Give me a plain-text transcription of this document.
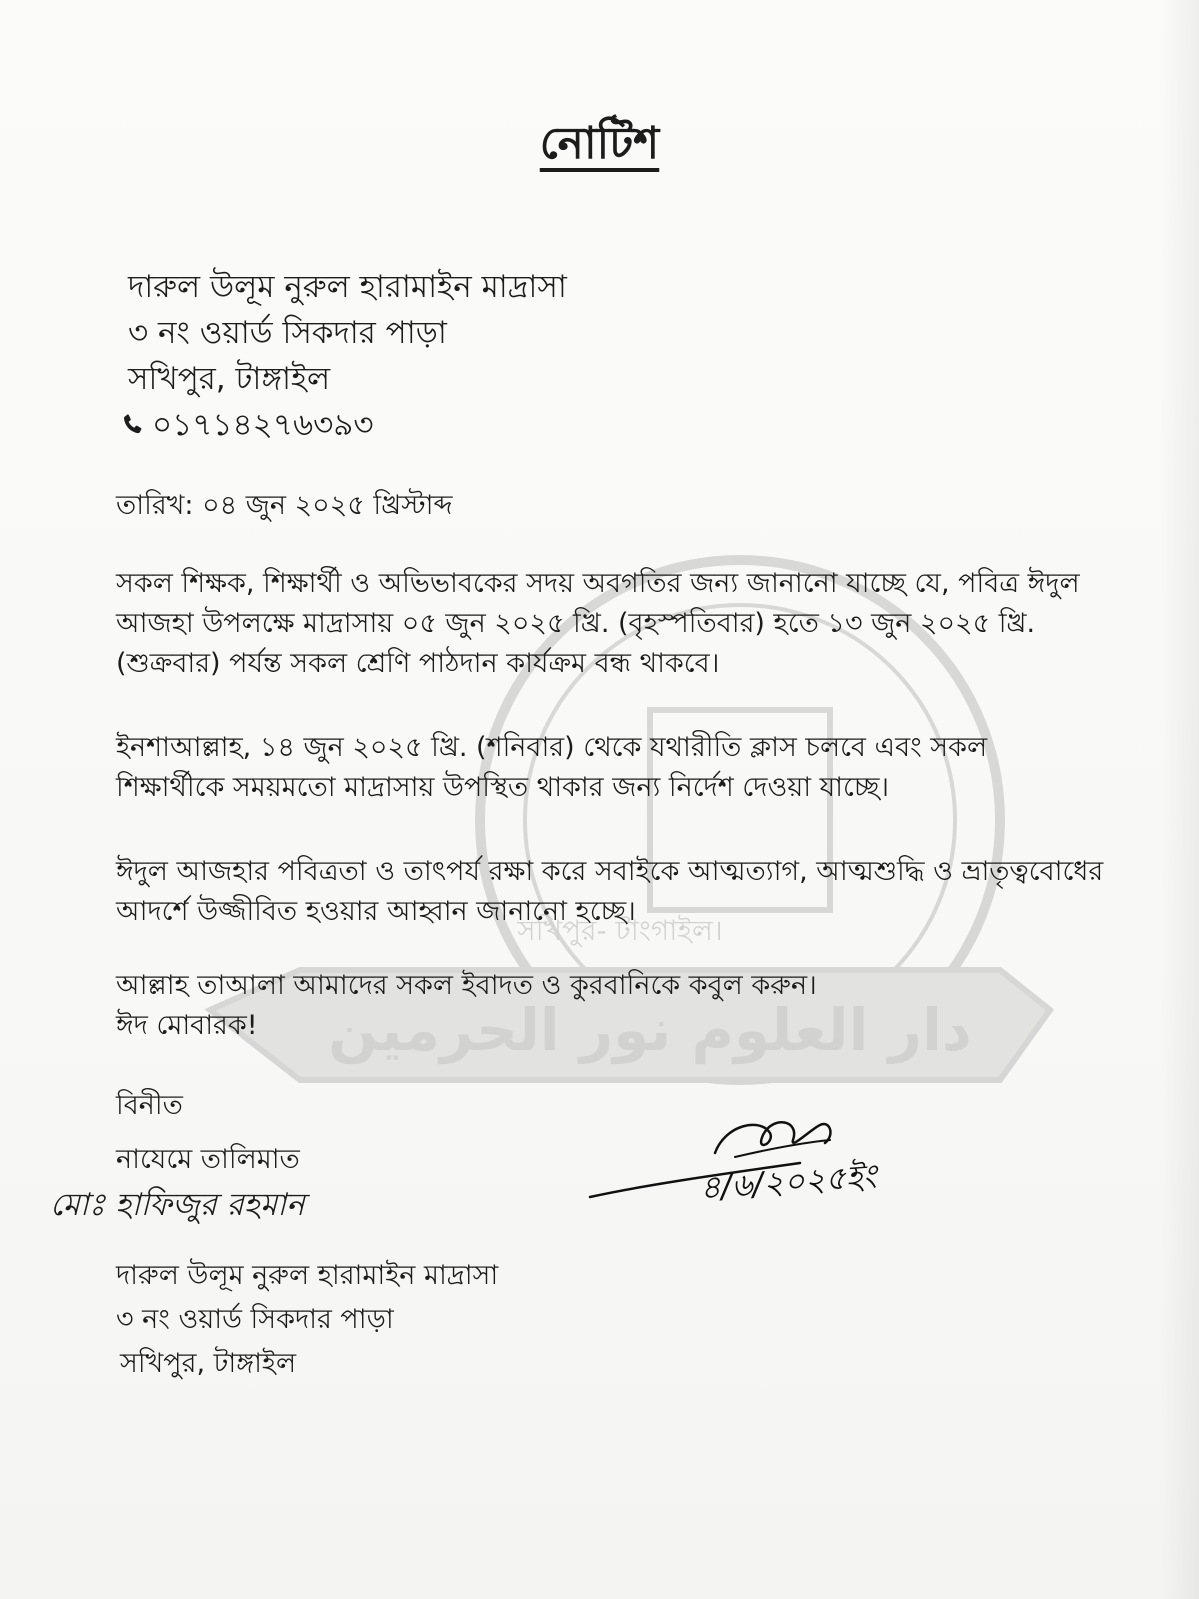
নোটিশ
দারুল উলূম নুরুল হারামাইন মাদ্রাসা
৩ নং ওয়ার্ড সিকদার পাড়া
সখিপুর, টাঙ্গাইল
০১৭১৪২৭৬৩৯৩
তারিখ: ০৪ জুন ২০২৫ খ্রিস্টাব্দ
সকল শিক্ষক, শিক্ষার্থী ও অভিভাবকের সদয় অবগতির জন্য জানানো যাচ্ছে যে, পবিত্র ঈদুল
আজহা উপলক্ষে মাদ্রাসায় ০৫ জুন ২০২৫ খ্রি. (বৃহস্পতিবার) হতে ১৩ জুন ২০২৫ খ্রি.
(শুক্রবার) পর্যন্ত সকল শ্রেণি পাঠদান কার্যক্রম বন্ধ থাকবে।
ইনশাআল্লাহ, ১৪ জুন ২০২৫ খ্রি. (শনিবার) থেকে যথারীতি ক্লাস চলবে এবং সকল
শিক্ষার্থীকে সময়মতো মাদ্রাসায় উপস্থিত থাকার জন্য নির্দেশ দেওয়া যাচ্ছে।
ঈদুল আজহার পবিত্রতা ও তাৎপর্য রক্ষা করে সবাইকে আত্মত্যাগ, আত্মশুদ্ধি ও ভ্রাতৃত্ববোধের
আদর্শে উজ্জীবিত হওয়ার আহ্বান জানানো হচ্ছে।
আল্লাহ তাআলা আমাদের সকল ইবাদত ও কুরবানিকে কবুল করুন।
ঈদ মোবারক!
বিনীত
নাযেমে তালিমাত
মোঃ হাফিজুর রহমান	৪/৬/২০২৫ইং
দারুল উলূম নুরুল হারামাইন মাদ্রাসা
৩ নং ওয়ার্ড সিকদার পাড়া
সখিপুর, টাঙ্গাইল
